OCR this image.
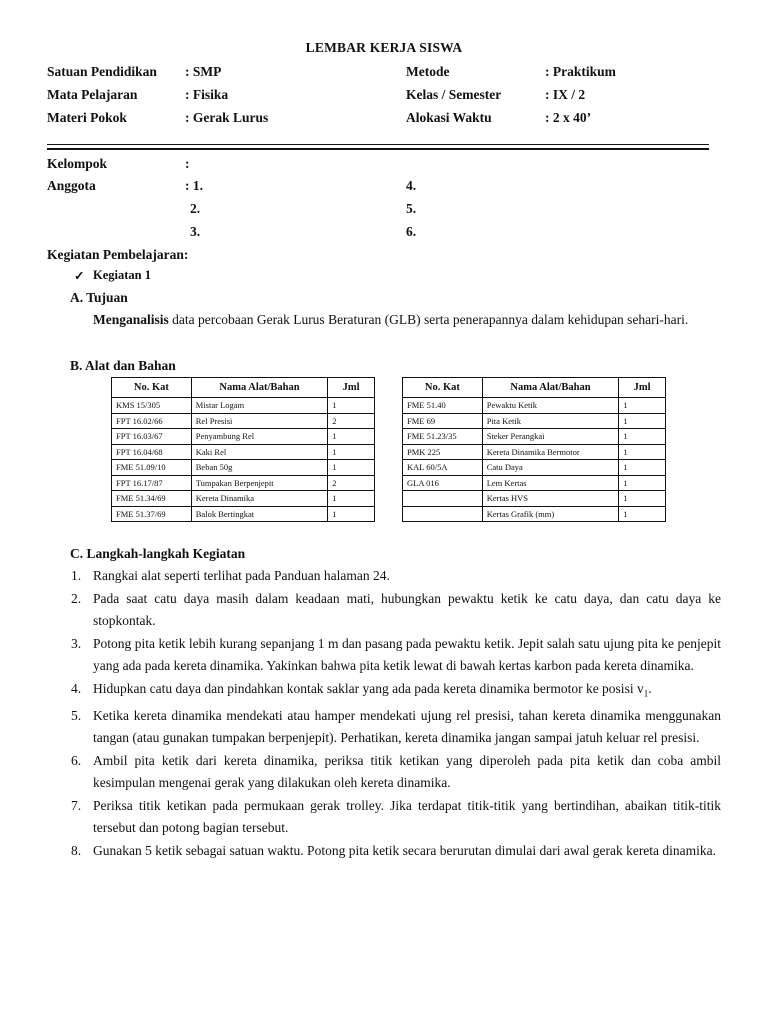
LEMBAR KERJA SISWA
Satuan Pendidikan : SMP	Metode	: Praktikum
Mata Pelajaran	: Fisika	Kelas / Semester	: IX / 2
Materi Pokok	: Gerak Lurus	Alokasi Waktu	: 2 x 40’
Kelompok	:
Anggota	: 1.
2.
3.
4.
5.
6.
Kegiatan Pembelajaran:
✓ Kegiatan 1
A. Tujuan
Menganalisis data percobaan Gerak Lurus Beraturan (GLB) serta penerapannya dalam kehidupan sehari-hari.
B. Alat dan Bahan
No. Kat	Nama Alat/Bahan	Jml
KMS 15/305	Mistar Logam	1
FPT 16.02/66	Rel Presisi	2
FPT 16.03/67	Penyambung Rel	1
FPT 16.04/68	Kaki Rel	1
FME 51.09/10	Beban 50g	1
FPT 16.17/87	Tumpakan Berpenjepit	2
FME 51.34/69	Kereta Dinamika	1
FME 51.37/69	Balok Bertingkat	1
No. Kat	Nama Alat/Bahan	Jml
FME 51.40	Pewaktu Ketik	1
FME 69	Pita Ketik	1
FME 51.23/35	Steker Perangkai	1
PMK 225	Kereta Dinamika Bermotor	1
KAL 60/5A	Catu Daya	1
GLA 016	Lem Kertas	1
	Kertas HVS	1
	Kertas Grafik (mm)	1
C. Langkah-langkah Kegiatan
1. Rangkai alat seperti terlihat pada Panduan halaman 24.
2. Pada saat catu daya masih dalam keadaan mati, hubungkan pewaktu ketik ke catu daya, dan catu daya ke stopkontak.
3. Potong pita ketik lebih kurang sepanjang 1 m dan pasang pada pewaktu ketik. Jepit salah satu ujung pita ke penjepit yang ada pada kereta dinamika. Yakinkan bahwa pita ketik lewat di bawah kertas karbon pada kereta dinamika.
4. Hidupkan catu daya dan pindahkan kontak saklar yang ada pada kereta dinamika bermotor ke posisi $v_1$.
5. Ketika kereta dinamika mendekati atau hamper mendekati ujung rel presisi, tahan kereta dinamika menggunakan tangan (atau gunakan tumpakan berpenjepit). Perhatikan, kereta dinamika jangan sampai jatuh keluar rel presisi.
6. Ambil pita ketik dari kereta dinamika, periksa titik ketikan yang diperoleh pada pita ketik dan coba ambil kesimpulan mengenai gerak yang dilakukan oleh kereta dinamika.
7. Periksa titik ketikan pada permukaan gerak trolley. Jika terdapat titik-titik yang bertindihan, abaikan titik-titik tersebut dan potong bagian tersebut.
8. Gunakan 5 ketik sebagai satuan waktu. Potong pita ketik secara berurutan dimulai dari awal gerak kereta dinamika.
